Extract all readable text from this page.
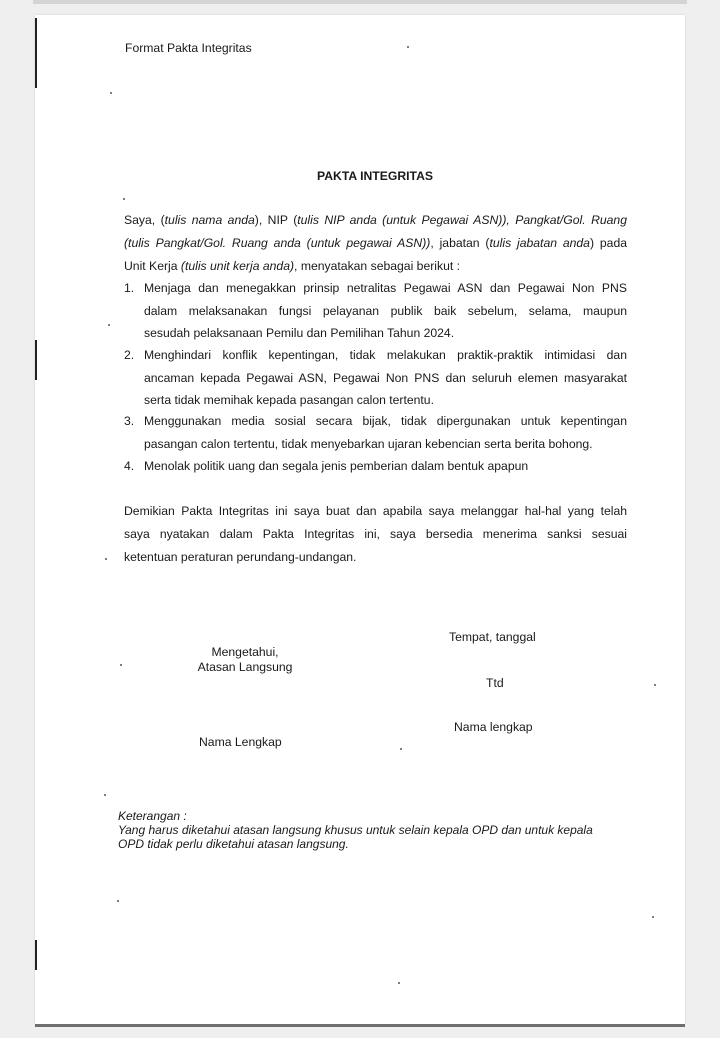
Format Pakta Integritas
PAKTA INTEGRITAS
Saya, (tulis nama anda), NIP (tulis NIP anda (untuk Pegawai ASN)), Pangkat/Gol. Ruang
(tulis Pangkat/Gol. Ruang anda (untuk pegawai ASN)), jabatan (tulis jabatan anda) pada
Unit Kerja (tulis unit kerja anda), menyatakan sebagai berikut :
1. Menjaga dan menegakkan prinsip netralitas Pegawai ASN dan Pegawai Non PNS
dalam melaksanakan fungsi pelayanan publik baik sebelum, selama, maupun
sesudah pelaksanaan Pemilu dan Pemilihan Tahun 2024.
2. Menghindari konflik kepentingan, tidak melakukan praktik-praktik intimidasi dan
ancaman kepada Pegawai ASN, Pegawai Non PNS dan seluruh elemen masyarakat
serta tidak memihak kepada pasangan calon tertentu.
3. Menggunakan media sosial secara bijak, tidak dipergunakan untuk kepentingan
pasangan calon tertentu, tidak menyebarkan ujaran kebencian serta berita bohong.
4. Menolak politik uang dan segala jenis pemberian dalam bentuk apapun
Demikian Pakta Integritas ini saya buat dan apabila saya melanggar hal-hal yang telah
saya nyatakan dalam Pakta Integritas ini, saya bersedia menerima sanksi sesuai
ketentuan peraturan perundang-undangan.
Tempat, tanggal
Mengetahui,
Atasan Langsung
Ttd
Nama lengkap
Nama Lengkap
Keterangan :
Yang harus diketahui atasan langsung khusus untuk selain kepala OPD dan untuk kepala
OPD tidak perlu diketahui atasan langsung.
